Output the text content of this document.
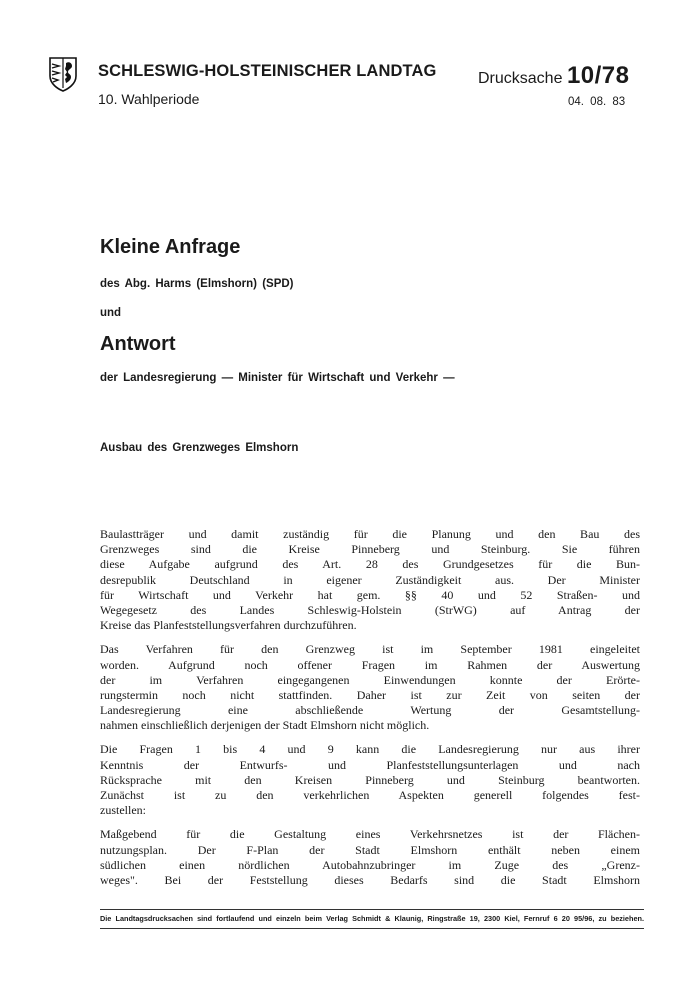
SCHLESWIG-HOLSTEINISCHER LANDTAG
10. Wahlperiode
Drucksache 10/78
04. 08. 83
Kleine Anfrage
des Abg. Harms (Elmshorn) (SPD)
und
Antwort
der Landesregierung — Minister für Wirtschaft und Verkehr —
Ausbau des Grenzweges Elmshorn
Baulastträger und damit zuständig für die Planung und den Bau des
Grenzweges sind die Kreise Pinneberg und Steinburg. Sie führen
diese Aufgabe aufgrund des Art. 28 des Grundgesetzes für die Bun-
desrepublik Deutschland in eigener Zuständigkeit aus. Der Minister
für Wirtschaft und Verkehr hat gem. §§ 40 und 52 Straßen- und
Wegegesetz des Landes Schleswig-Holstein (StrWG) auf Antrag der
Kreise das Planfeststellungsverfahren durchzuführen.
Das Verfahren für den Grenzweg ist im September 1981 eingeleitet
worden. Aufgrund noch offener Fragen im Rahmen der Auswertung
der im Verfahren eingegangenen Einwendungen konnte der Erörte-
rungstermin noch nicht stattfinden. Daher ist zur Zeit von seiten der
Landesregierung eine abschließende Wertung der Gesamtstellung-
nahmen einschließlich derjenigen der Stadt Elmshorn nicht möglich.
Die Fragen 1 bis 4 und 9 kann die Landesregierung nur aus ihrer
Kenntnis der Entwurfs- und Planfeststellungsunterlagen und nach
Rücksprache mit den Kreisen Pinneberg und Steinburg beantworten.
Zunächst ist zu den verkehrlichen Aspekten generell folgendes fest-
zustellen:
Maßgebend für die Gestaltung eines Verkehrsnetzes ist der Flächen-
nutzungsplan. Der F-Plan der Stadt Elmshorn enthält neben einem
südlichen einen nördlichen Autobahnzubringer im Zuge des „Grenz-
weges". Bei der Feststellung dieses Bedarfs sind die Stadt Elmshorn
Die Landtagsdrucksachen sind fortlaufend und einzeln beim Verlag Schmidt & Klaunig, Ringstraße 19, 2300 Kiel, Fernruf 6 20 95/96, zu beziehen.
